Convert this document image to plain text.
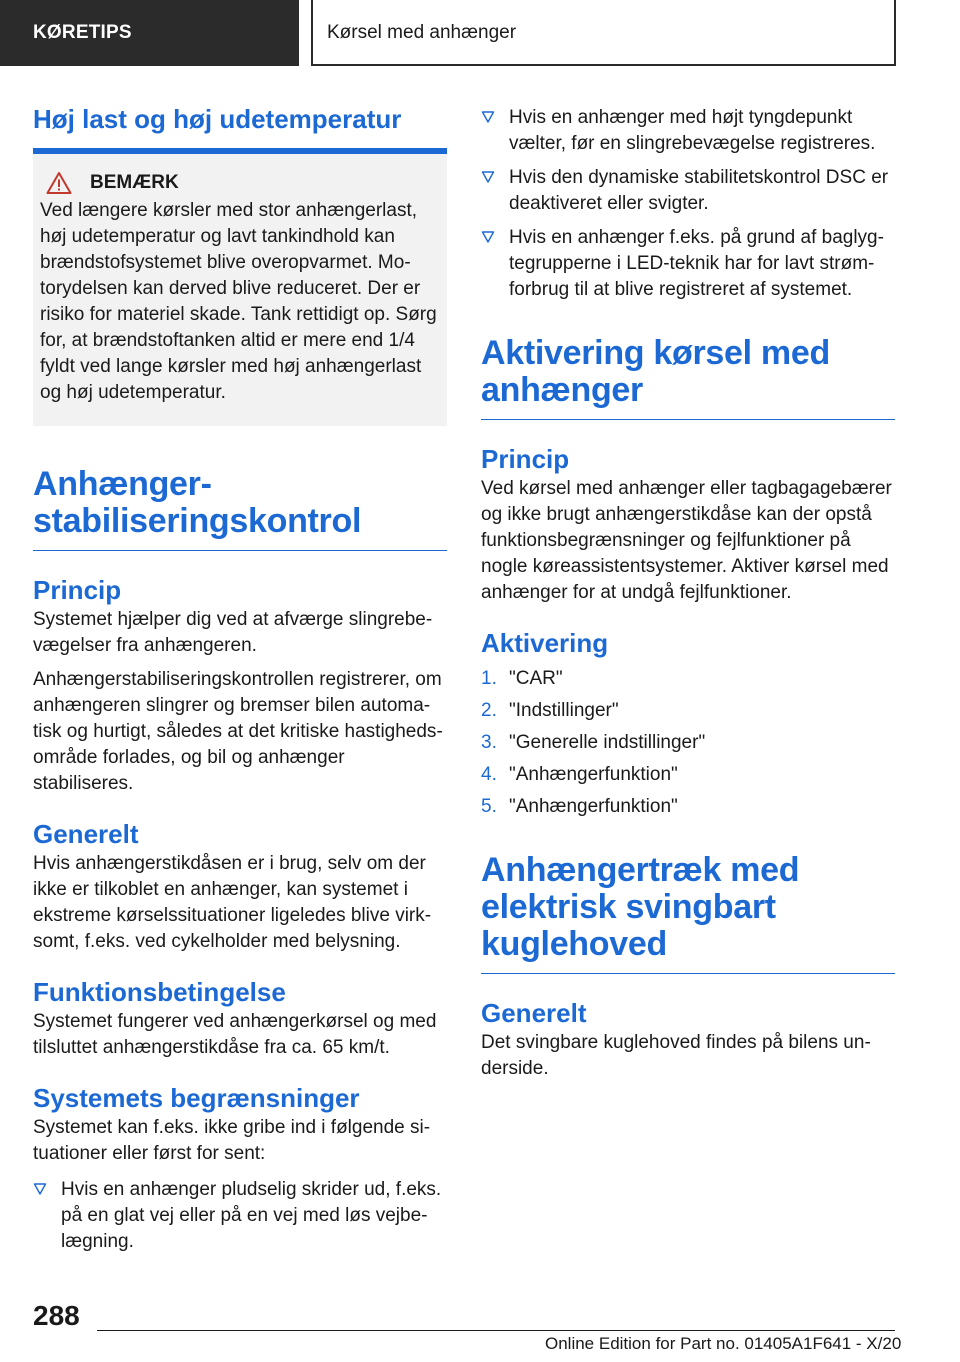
KØRETIPS	Kørsel med anhænger
Høj last og høj udetemperatur
BEMÆRK

Ved længere kørsler med stor anhængerlast, høj udetemperatur og lavt tankindhold kan brændstofsystemet blive overopvarmet. Motorydelsen kan derved blive reduceret. Der er risiko for materiel skade. Tank rettidigt op. Sørg for, at brændstoftanken altid er mere end 1/4 fyldt ved lange kørsler med høj anhængerlast og høj udetemperatur.

Anhængerstabiliseringskontrol
Princip

Systemet hjælper dig ved at afværge slingrebevægelser fra anhængeren.

Anhængerstabiliseringskontrollen registrerer, om anhængeren slingrer og bremser bilen automatisk og hurtigt, således at det kritiske hastighedsområde forlades, og bil og anhænger stabiliseres.

Generelt

Hvis anhængerstikdåsen er i brug, selv om der ikke er tilkoblet en anhænger, kan systemet i ekstreme kørselssituationer ligeledes blive virksomt, f.eks. ved cykelholder med belysning.

Funktionsbetingelse

Systemet fungerer ved anhængerkørsel og med tilsluttet anhængerstikdåse fra ca. 65 km/t.

Systemets begrænsninger

Systemet kan f.eks. ikke gribe ind i følgende situationer eller først for sent:

Hvis en anhænger pludselig skrider ud, f.eks. på en glat vej eller på en vej med løs vejbelægning.
Hvis en anhænger med højt tyngdepunkt vælter, før en slingrebevægelse registreres.
Hvis den dynamiske stabilitetskontrol DSC er deaktiveret eller svigter.
Hvis en anhænger f.eks. på grund af baglygtegrupperne i LED-teknik har for lavt strømforbrug til at blive registreret af systemet.
Aktivering kørsel med anhænger
Princip

Ved kørsel med anhænger eller tagbagagebærer og ikke brugt anhængerstikdåse kan der opstå funktionsbegrænsninger og fejlfunktioner på nogle køreassistentsystemer. Aktiver kørsel med anhænger for at undgå fejlfunktioner.

Aktivering
1. "CAR"
2. "Indstillinger"
3. "Generelle indstillinger"
4. "Anhængerfunktion"
5. "Anhængerfunktion"
Anhængertræk med elektrisk svingbart kuglehoved
Generelt

Det svingbare kuglehoved findes på bilens underside.

288
Online Edition for Part no. 01405A1F641 - X/20
